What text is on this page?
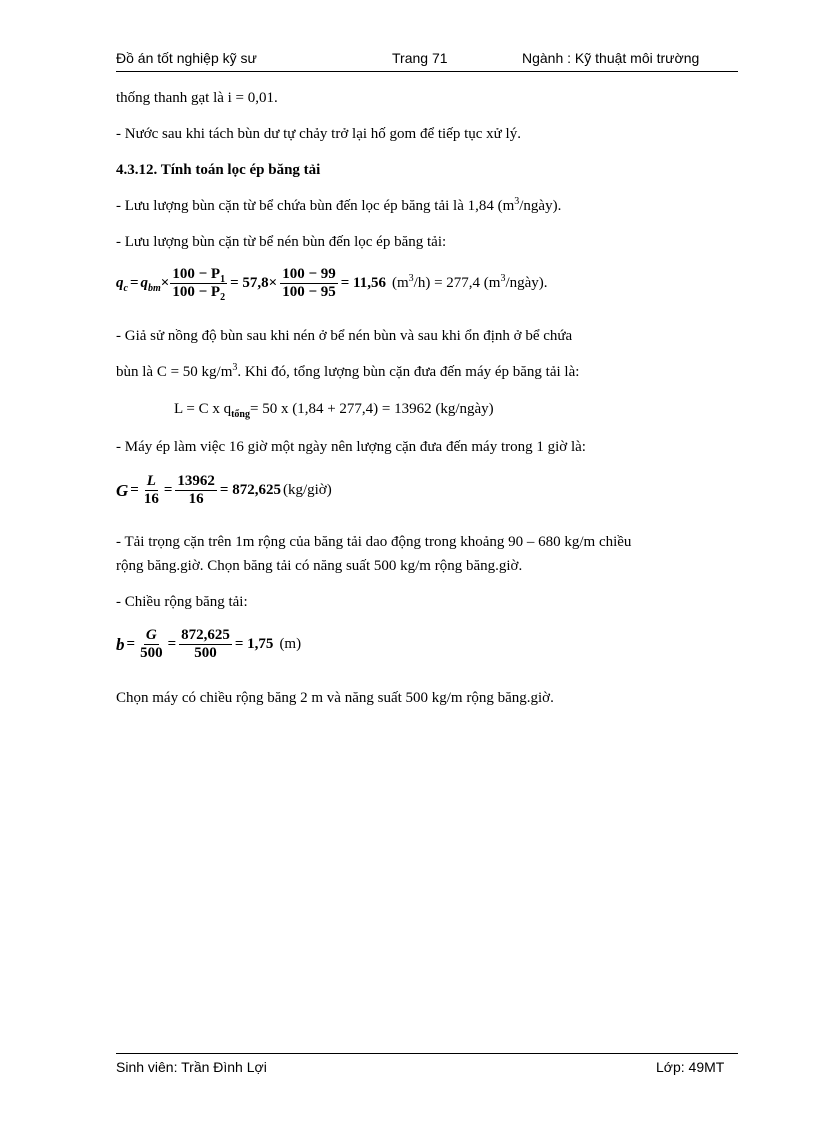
Đồ án tốt nghiệp kỹ sư	Trang 71	Ngành : Kỹ thuật môi trường
thống thanh gạt là i = 0,01.
- Nước sau khi tách bùn dư tự chảy trở lại hố gom để tiếp tục xử lý.
4.3.12. Tính toán lọc ép băng tải
- Lưu lượng bùn cặn từ bể chứa bùn đến lọc ép băng tải là 1,84 $(m^3/ngày)$.
- Lưu lượng bùn cặn từ bể nén bùn đến lọc ép băng tải:
$q_c = q_{bm} \times \frac{100 - P_1}{100 - P_2} = 57,8\times \frac{100 - 99}{100 - 95} = 11,56$ $(m^3/h) = 277,4$ $(m^3/ngày)$.
- Giả sử nồng độ bùn sau khi nén ở bể nén bùn và sau khi ổn định ở bể chứa
bùn là C = 50 $kg/m^3$. Khi đó, tổng lượng bùn cặn đưa đến máy ép băng tải là:
L = C x $q_{tổng}= 50$ x (1,84 + 277,4) = 13962 (kg/ngày)
- Máy ép làm việc 16 giờ một ngày nên lượng cặn đưa đến máy trong 1 giờ là:
$G = \frac{L}{16} = \frac{13962}{16} = 872,625$ (kg/giờ)
- Tải trọng cặn trên 1m rộng của băng tải dao động trong khoảng 90 – 680 kg/m chiều
rộng băng.giờ. Chọn băng tải có năng suất 500 kg/m rộng băng.giờ.
- Chiều rộng băng tải:
$b = \frac{G}{500} = \frac{872,625}{500} = 1,75$ (m)
Chọn máy có chiều rộng băng 2 m và năng suất 500 kg/m rộng băng.giờ.
Sinh viên: Trần Đình Lợi	Lớp: 49MT
